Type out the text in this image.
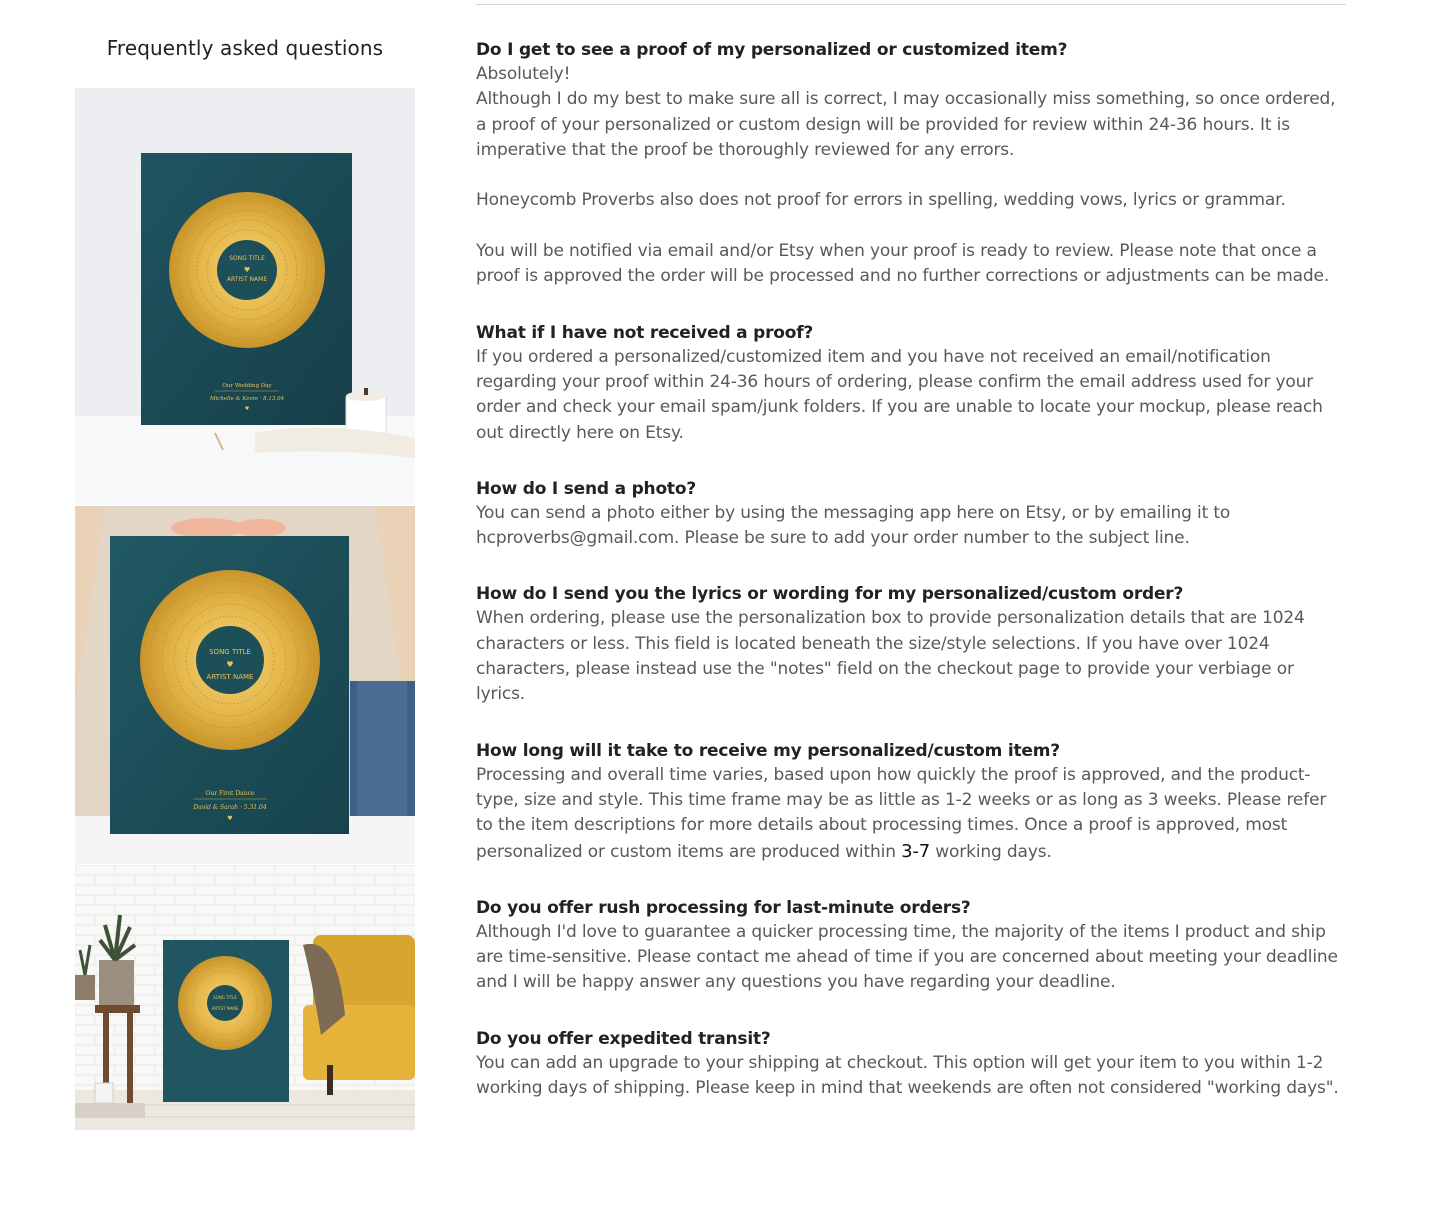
Frequently asked questions
SONG TITLE
♥
ARTIST NAME
Our Wedding Day
Michelle & Kevin · 8.13.04
♥
SONG TITLE
♥
ARTIST NAME
Our First Dance
David & Sarah · 5.31.04
♥
SONG TITLE
ARTIST NAME
Do I get to see a proof of my personalized or customized item?
Absolutely!
Although I do my best to make sure all is correct, I may occasionally miss something, so once ordered, a proof of your personalized or custom design will be provided for review within 24-36 hours. It is imperative that the proof be thoroughly reviewed for any errors.

Honeycomb Proverbs also does not proof for errors in spelling, wedding vows, lyrics or grammar.

You will be notified via email and/or Etsy when your proof is ready to review. Please note that once a proof is approved the order will be processed and no further corrections or adjustments can be made.
What if I have not received a proof?
If you ordered a personalized/customized item and you have not received an email/notification regarding your proof within 24-36 hours of ordering, please confirm the email address used for your order and check your email spam/junk folders. If you are unable to locate your mockup, please reach out directly here on Etsy.
How do I send a photo?
You can send a photo either by using the messaging app here on Etsy, or by emailing it to hcproverbs@gmail.com. Please be sure to add your order number to the subject line.
How do I send you the lyrics or wording for my personalized/custom order?
When ordering, please use the personalization box to provide personalization details that are 1024 characters or less. This field is located beneath the size/style selections. If you have over 1024 characters, please instead use the "notes" field on the checkout page to provide your verbiage or lyrics.
How long will it take to receive my personalized/custom item?
Processing and overall time varies, based upon how quickly the proof is approved, and the product-type, size and style. This time frame may be as little as 1-2 weeks or as long as 3 weeks. Please refer to the item descriptions for more details about processing times. Once a proof is approved, most personalized or custom items are produced within 3-7 working days.
Do you offer rush processing for last-minute orders?
Although I'd love to guarantee a quicker processing time, the majority of the items I product and ship are time-sensitive. Please contact me ahead of time if you are concerned about meeting your deadline and I will be happy answer any questions you have regarding your deadline.
Do you offer expedited transit?
You can add an upgrade to your shipping at checkout. This option will get your item to you within 1-2 working days of shipping. Please keep in mind that weekends are often not considered "working days".
